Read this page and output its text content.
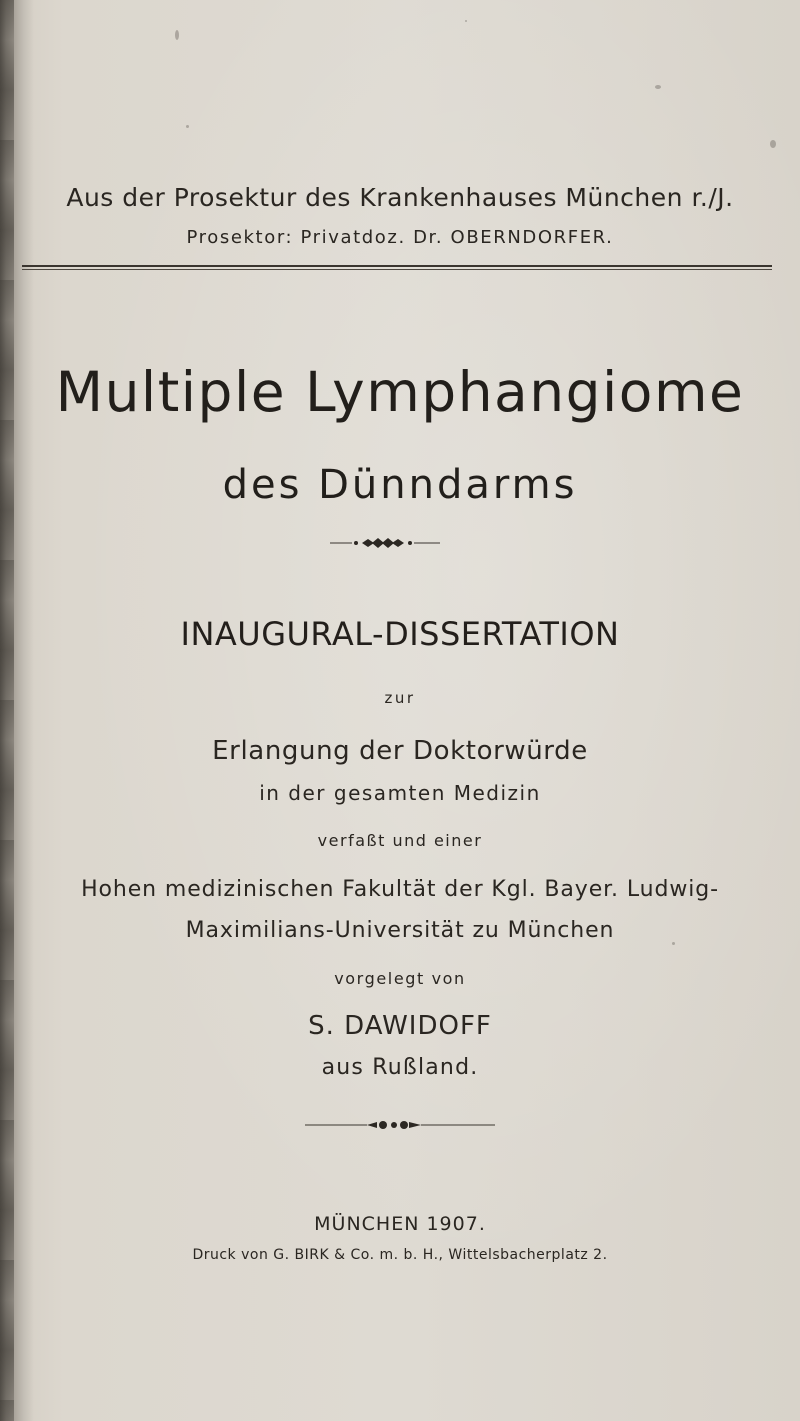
Aus der Prosektur des Krankenhauses München r./J.
Prosektor: Privatdoz. Dr. OBERNDORFER.
Multiple Lymphangiome
des Dünndarms
INAUGURAL-DISSERTATION
zur
Erlangung der Doktorwürde
in der gesamten Medizin
verfaßt und einer
Hohen medizinischen Fakultät der Kgl. Bayer. Ludwig-
Maximilians-Universität zu München
vorgelegt von
S. DAWIDOFF
aus Rußland.
MÜNCHEN 1907.
Druck von G. BIRK & Co. m. b. H., Wittelsbacherplatz 2.
